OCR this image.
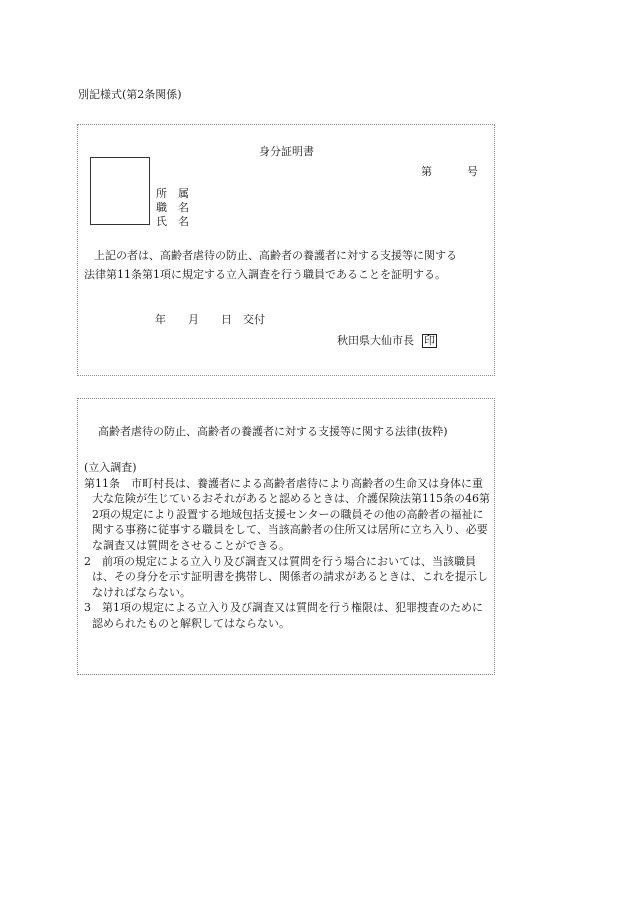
別記様式(第2条関係)
身分証明書
第	号
所　属
職　名
氏　名
上記の者は、高齢者虐待の防止、高齢者の養護者に対する支援等に関する
法律第11条第1項に規定する立入調査を行う職員であることを証明する。
年　　月　　日　交付
秋田県大仙市長 印
高齢者虐待の防止、高齢者の養護者に対する支援等に関する法律(抜粋)

(立入調査)

第11条　市町村長は、養護者による高齢者虐待により高齢者の生命又は身体に重大な危険が生じているおそれがあると認めるときは、介護保険法第115条の46第2項の規定により設置する地域包括支援センターの職員その他の高齢者の福祉に関する事務に従事する職員をして、当該高齢者の住所又は居所に立ち入り、必要な調査又は質問をさせることができる。

2　前項の規定による立入り及び調査又は質問を行う場合においては、当該職員は、その身分を示す証明書を携帯し、関係者の請求があるときは、これを提示しなければならない。

3　第1項の規定による立入り及び調査又は質問を行う権限は、犯罪捜査のために認められたものと解釈してはならない。
